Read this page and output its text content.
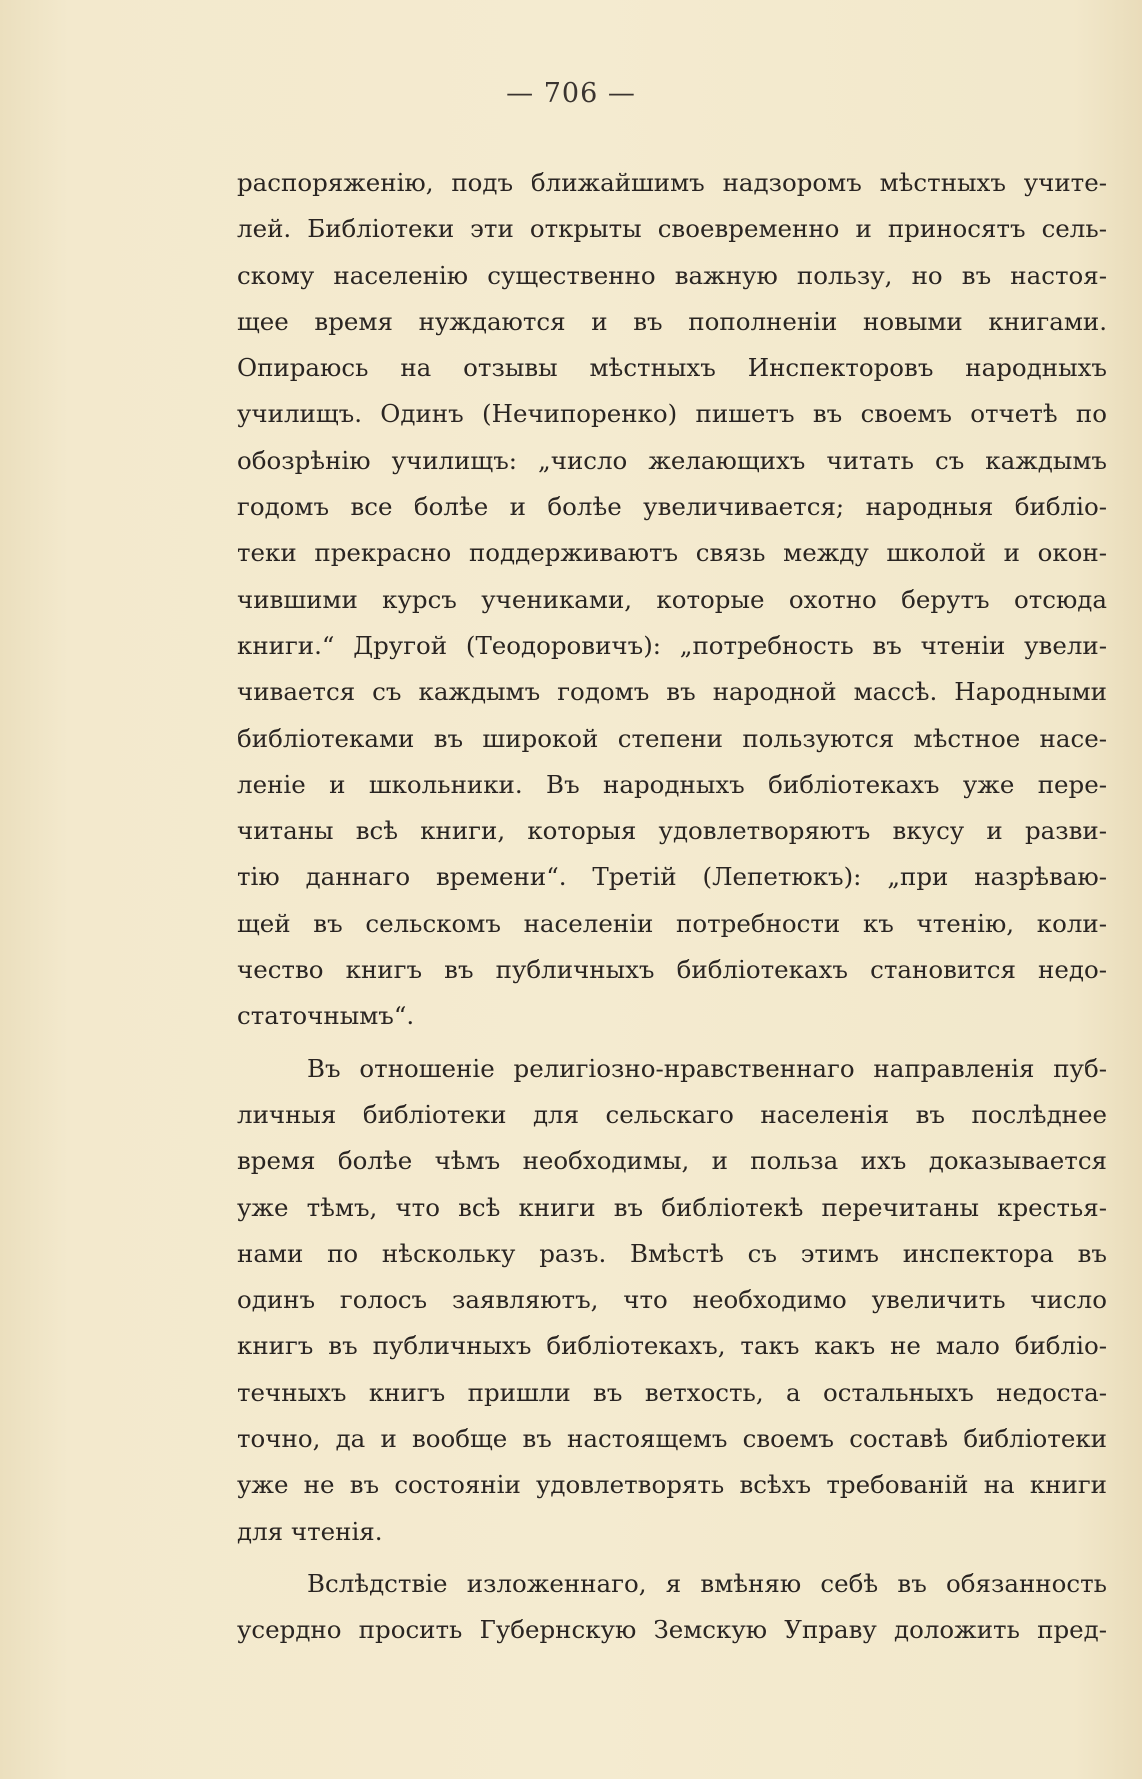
— 706 —
распоряженію, подъ ближайшимъ надзоромъ мѣстныхъ учите-
лей. Библіотеки эти открыты своевременно и приносятъ сель-
скому населенію существенно важную пользу, но въ настоя-
щее время нуждаются и въ пополненіи новыми книгами.
Опираюсь на отзывы мѣстныхъ Инспекторовъ народныхъ
училищъ. Одинъ (Нечипоренко) пишетъ въ своемъ отчетѣ по
обозрѣнію училищъ: „число желающихъ читать съ каждымъ
годомъ все болѣе и болѣе увеличивается; народныя библіо-
теки прекрасно поддерживаютъ связь между школой и окон-
чившими курсъ учениками, которые охотно берутъ отсюда
книги.“ Другой (Теодоровичъ): „потребность въ чтеніи увели-
чивается съ каждымъ годомъ въ народной массѣ. Народными
библіотеками въ широкой степени пользуются мѣстное насе-
леніе и школьники. Въ народныхъ библіотекахъ уже пере-
читаны всѣ книги, которыя удовлетворяютъ вкусу и разви-
тію даннаго времени“. Третій (Лепетюкъ): „при назрѣваю-
щей въ сельскомъ населеніи потребности къ чтенію, коли-
чество книгъ въ публичныхъ библіотекахъ становится недо-
статочнымъ“.
Въ отношеніе религіозно-нравственнаго направленія пуб-
личныя библіотеки для сельскаго населенія въ послѣднее
время болѣе чѣмъ необходимы, и польза ихъ доказывается
уже тѣмъ, что всѣ книги въ библіотекѣ перечитаны крестья-
нами по нѣскольку разъ. Вмѣстѣ съ этимъ инспектора въ
одинъ голосъ заявляютъ, что необходимо увеличить число
книгъ въ публичныхъ библіотекахъ, такъ какъ не мало библіо-
течныхъ книгъ пришли въ ветхость, а остальныхъ недоста-
точно, да и вообще въ настоящемъ своемъ составѣ библіотеки
уже не въ состояніи удовлетворять всѣхъ требованій на книги
для чтенія.
Вслѣдствіе изложеннаго, я вмѣняю себѣ въ обязанность
усердно просить Губернскую Земскую Управу доложить пред-
